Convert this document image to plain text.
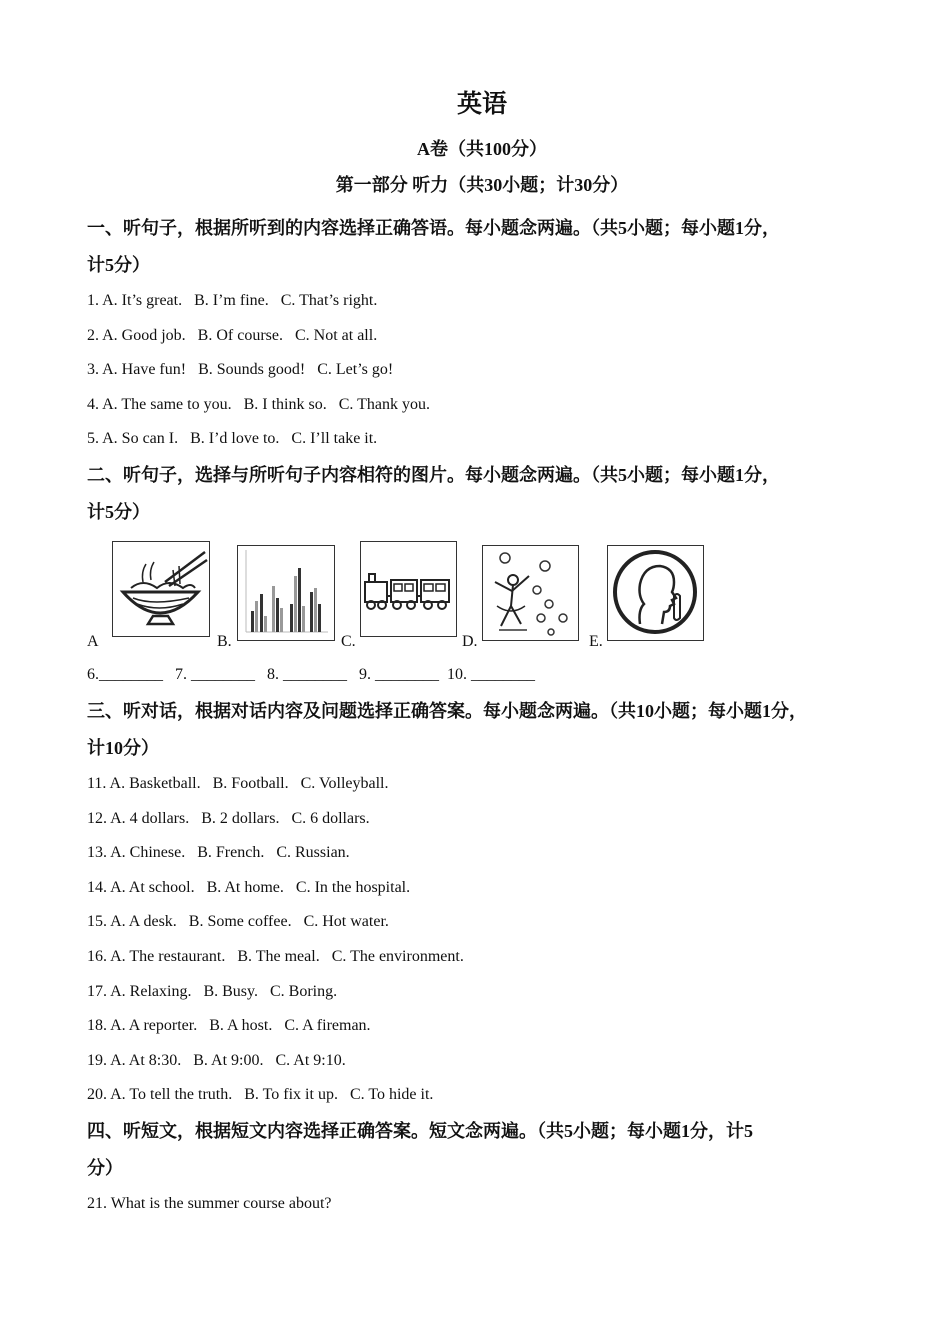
英语
A卷（共100分）
第一部分 听力（共30小题；计30分）
一、听句子，根据所听到的内容选择正确答语。每小题念两遍。（共5小题；每小题1分，
计5分）
1. A. It’s great.   B. I’m fine.   C. That’s right.
2. A. Good job.   B. Of course.   C. Not at all.
3. A. Have fun!   B. Sounds good!   C. Let’s go!
4. A. The same to you.   B. I think so.   C. Thank you.
5. A. So can I.   B. I’d love to.   C. I’ll take it.
二、听句子，选择与所听句子内容相符的图片。每小题念两遍。（共5小题；每小题1分，
计5分）
A	B.	C.	D.	E.
6.________   7. ________   8. ________   9. ________  10. ________
三、听对话，根据对话内容及问题选择正确答案。每小题念两遍。（共10小题；每小题1分，
计10分）
11. A. Basketball.   B. Football.   C. Volleyball.
12. A. 4 dollars.   B. 2 dollars.   C. 6 dollars.
13. A. Chinese.   B. French.   C. Russian.
14. A. At school.   B. At home.   C. In the hospital.
15. A. A desk.   B. Some coffee.   C. Hot water.
16. A. The restaurant.   B. The meal.   C. The environment.
17. A. Relaxing.   B. Busy.   C. Boring.
18. A. A reporter.   B. A host.   C. A fireman.
19. A. At 8:30.   B. At 9:00.   C. At 9:10.
20. A. To tell the truth.   B. To fix it up.   C. To hide it.
四、听短文，根据短文内容选择正确答案。短文念两遍。（共5小题；每小题1分，计5
分）
21. What is the summer course about?
